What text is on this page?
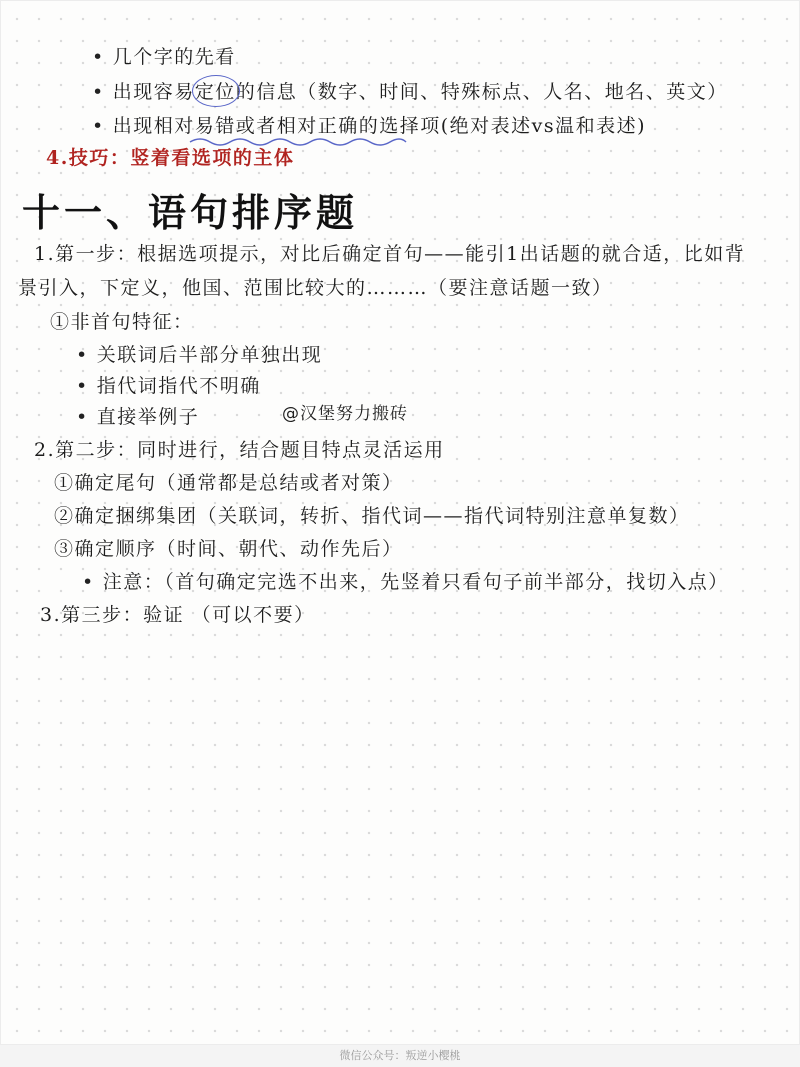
• 几个字的先看
• 出现容易定位的信息（数字、时间、特殊标点、人名、地名、英文）
• 出现相对易错或者相对正确的选择项(绝对表述vs温和表述)
4.技巧：竖着看选项的主体
十一、语句排序题
1.第一步：根据选项提示，对比后确定首句——能引1出话题的就合适，比如背
景引入，下定义，他国、范围比较大的………（要注意话题一致）
①非首句特征：
• 关联词后半部分单独出现
• 指代词指代不明确
• 直接举例子	@汉堡努力搬砖
2.第二步：同时进行，结合题目特点灵活运用
①确定尾句（通常都是总结或者对策）
②确定捆绑集团（关联词，转折、指代词——指代词特别注意单复数）
③确定顺序（时间、朝代、动作先后）
• 注意：（首句确定完选不出来，先竖着只看句子前半部分，找切入点）
3.第三步：验证 （可以不要）
微信公众号：叛逆小樱桃
